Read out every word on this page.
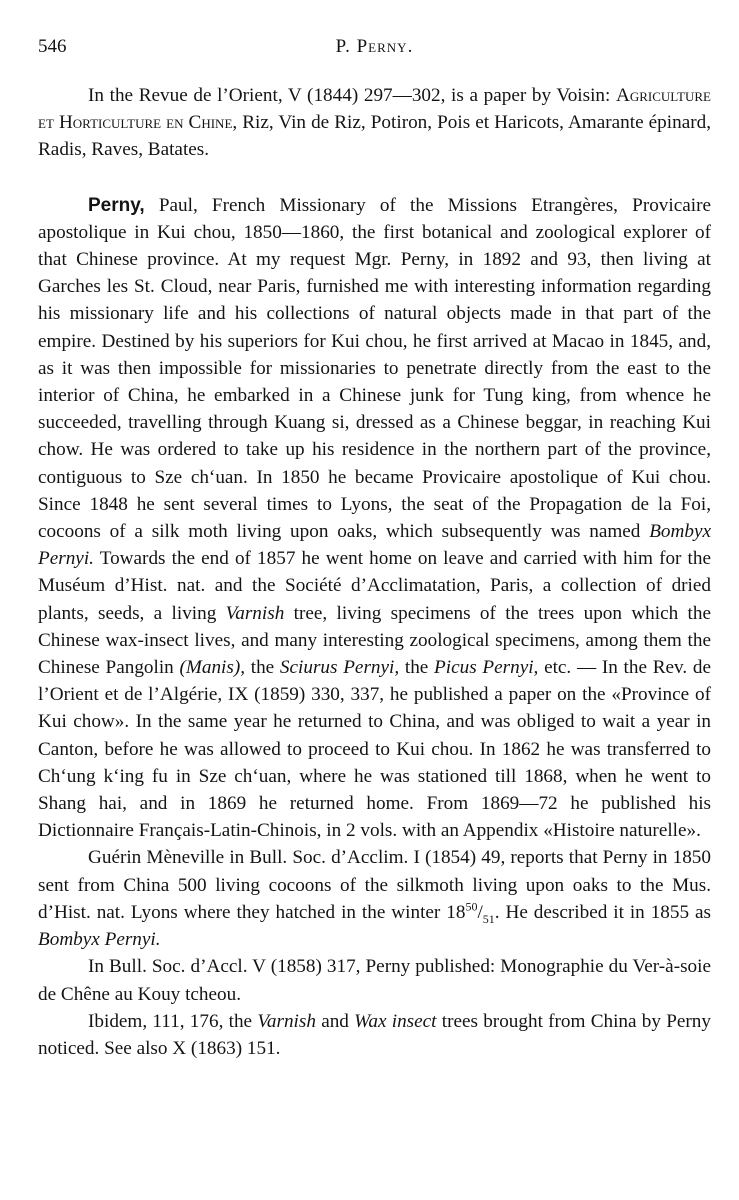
546	P. Perny.

In the Revue de l’Orient, V (1844) 297—302, is a paper by Voisin: Agriculture et Horticulture en Chine, Riz, Vin de Riz, Potiron, Pois et Haricots, Amarante épinard, Radis, Raves, Batates.

Perny, Paul, French Missionary of the Missions Etrangères, Provicaire apostolique in Kui chou, 1850—1860, the first botanical and zoological explorer of that Chinese province. At my request Mgr. Perny, in 1892 and 93, then living at Garches les St. Cloud, near Paris, furnished me with interesting information regarding his missionary life and his collections of natural objects made in that part of the empire. Destined by his superiors for Kui chou, he first arrived at Macao in 1845, and, as it was then impossible for missionaries to penetrate directly from the east to the interior of China, he embarked in a Chinese junk for Tung king, from whence he succeeded, travelling through Kuang si, dressed as a Chinese beggar, in reaching Kui chow. He was ordered to take up his residence in the northern part of the province, contiguous to Sze chʻuan. In 1850 he became Provicaire apostolique of Kui chou. Since 1848 he sent several times to Lyons, the seat of the Propagation de la Foi, cocoons of a silk moth living upon oaks, which subsequently was named Bombyx Pernyi. Towards the end of 1857 he went home on leave and carried with him for the Muséum d’Hist. nat. and the Société d’Acclimatation, Paris, a collection of dried plants, seeds, a living Varnish tree, living specimens of the trees upon which the Chinese wax-insect lives, and many interesting zoological specimens, among them the Chinese Pangolin (Manis), the Sciurus Pernyi, the Picus Pernyi, etc. — In the Rev. de l’Orient et de l’Algérie, IX (1859) 330, 337, he published a paper on the «Province of Kui chow». In the same year he returned to China, and was obliged to wait a year in Canton, before he was allowed to proceed to Kui chou. In 1862 he was transferred to Chʻung kʻing fu in Sze chʻuan, where he was stationed till 1868, when he went to Shang hai, and in 1869 he returned home. From 1869—72 he published his Dictionnaire Français-Latin-Chinois, in 2 vols. with an Appendix «Histoire naturelle».

Guérin Mèneville in Bull. Soc. d’Acclim. I (1854) 49, reports that Perny in 1850 sent from China 500 living cocoons of the silkmoth living upon oaks to the Mus. d’Hist. nat. Lyons where they hatched in the winter $18^{50}/_{51}$. He described it in 1855 as Bombyx Pernyi.

In Bull. Soc. d’Accl. V (1858) 317, Perny published: Monographie du Ver-à-soie de Chêne au Kouy tcheou.

Ibidem, 111, 176, the Varnish and Wax insect trees brought from China by Perny noticed. See also X (1863) 151.
